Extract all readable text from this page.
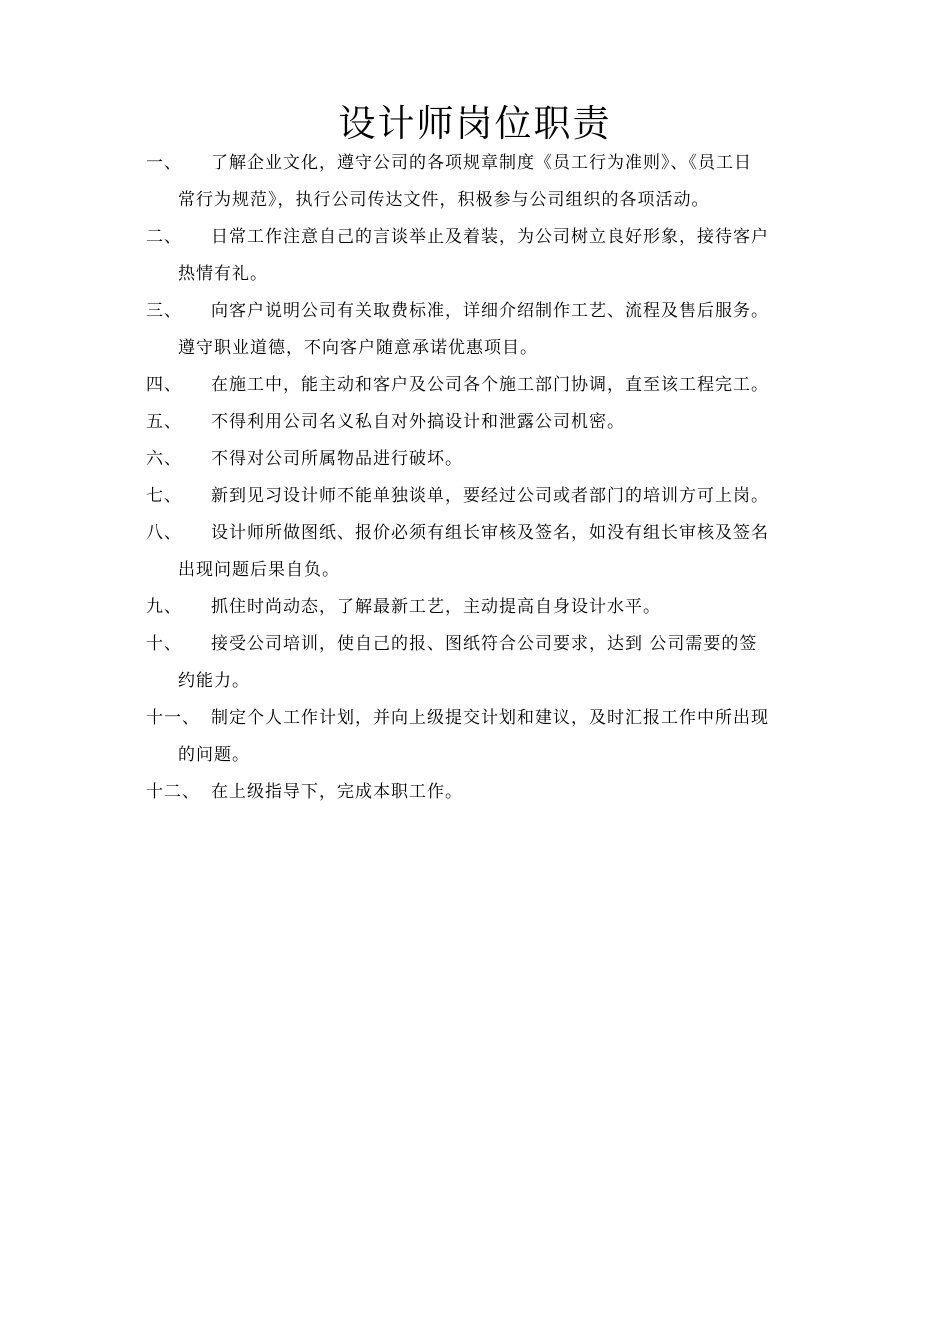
设计师岗位职责
一、 了解企业文化，遵守公司的各项规章制度《员工行为准则》、《员工日
常行为规范》，执行公司传达文件，积极参与公司组织的各项活动。
二、 日常工作注意自己的言谈举止及着装，为公司树立良好形象，接待客户
热情有礼。
三、 向客户说明公司有关取费标准，详细介绍制作工艺、流程及售后服务。
遵守职业道德，不向客户随意承诺优惠项目。
四、 在施工中，能主动和客户及公司各个施工部门协调，直至该工程完工。
五、 不得利用公司名义私自对外搞设计和泄露公司机密。
六、 不得对公司所属物品进行破坏。
七、 新到见习设计师不能单独谈单，要经过公司或者部门的培训方可上岗。
八、 设计师所做图纸、报价必须有组长审核及签名，如没有组长审核及签名
出现问题后果自负。
九、 抓住时尚动态，了解最新工艺，主动提高自身设计水平。
十、 接受公司培训，使自己的报、图纸符合公司要求，达到 公司需要的签
约能力。
十一、 制定个人工作计划，并向上级提交计划和建议，及时汇报工作中所出现
的问题。
十二、 在上级指导下，完成本职工作。
